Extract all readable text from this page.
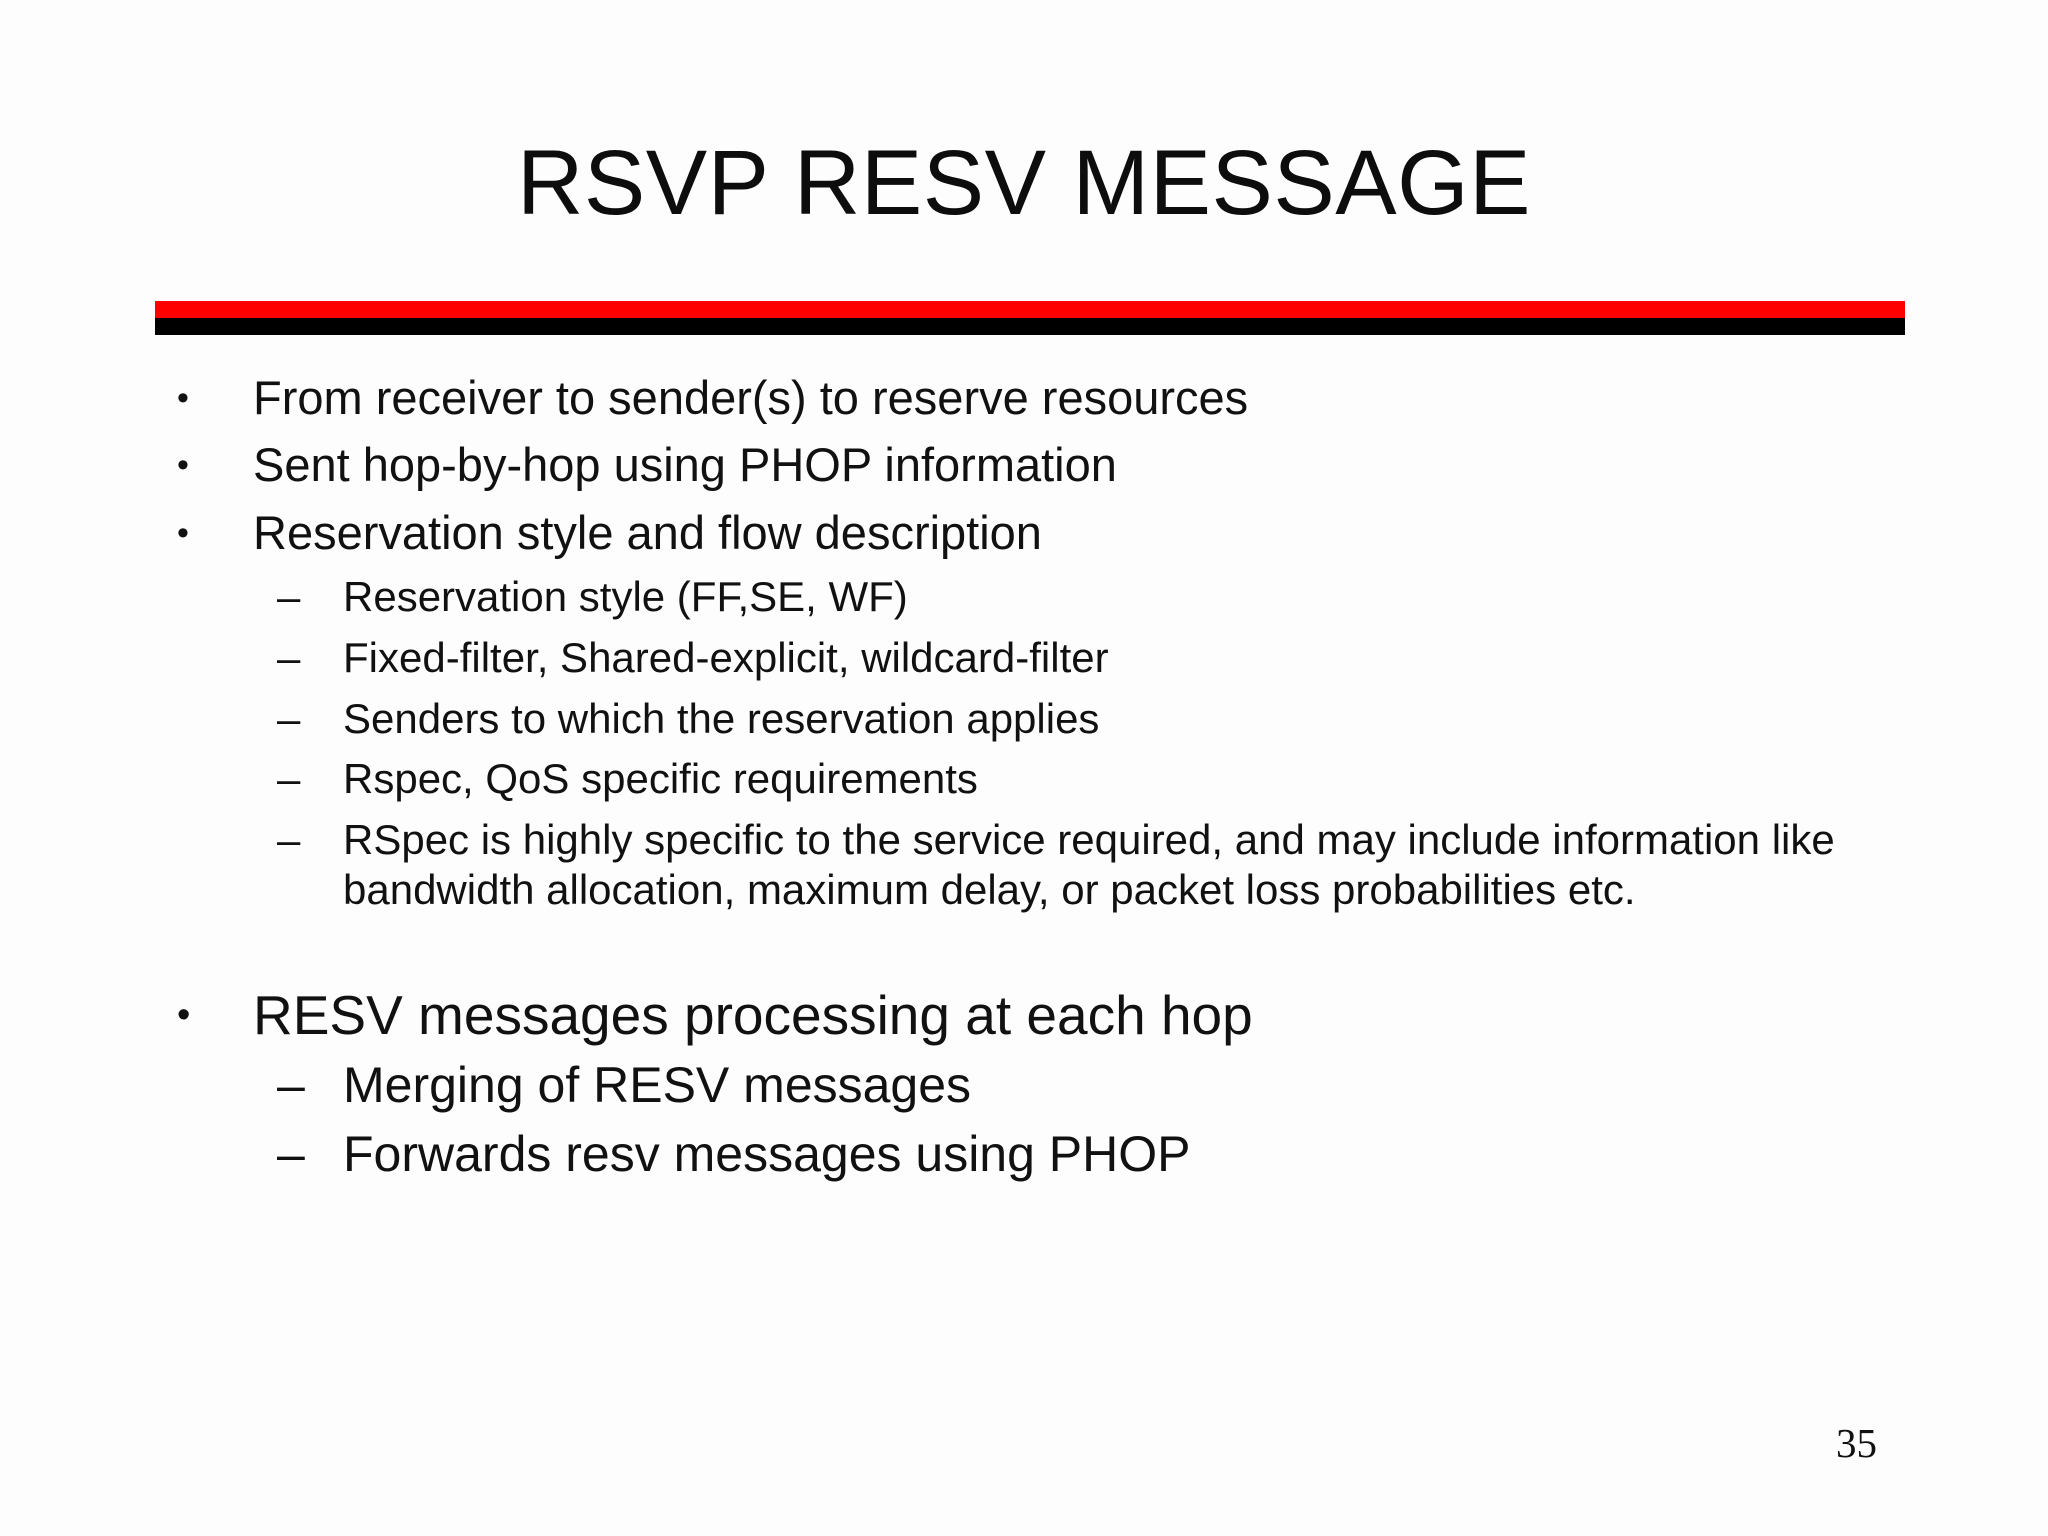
RSVP RESV MESSAGE
• From receiver to sender(s) to reserve resources
• Sent hop-by-hop using PHOP information
• Reservation style and flow description
– Reservation style (FF,SE, WF)
– Fixed-filter, Shared-explicit, wildcard-filter
– Senders to which the reservation applies
– Rspec, QoS specific requirements
– RSpec is highly specific to the service required, and may include information like bandwidth allocation, maximum delay, or packet loss probabilities etc.
• RESV messages processing at each hop
– Merging of RESV messages
– Forwards resv messages using PHOP
35
